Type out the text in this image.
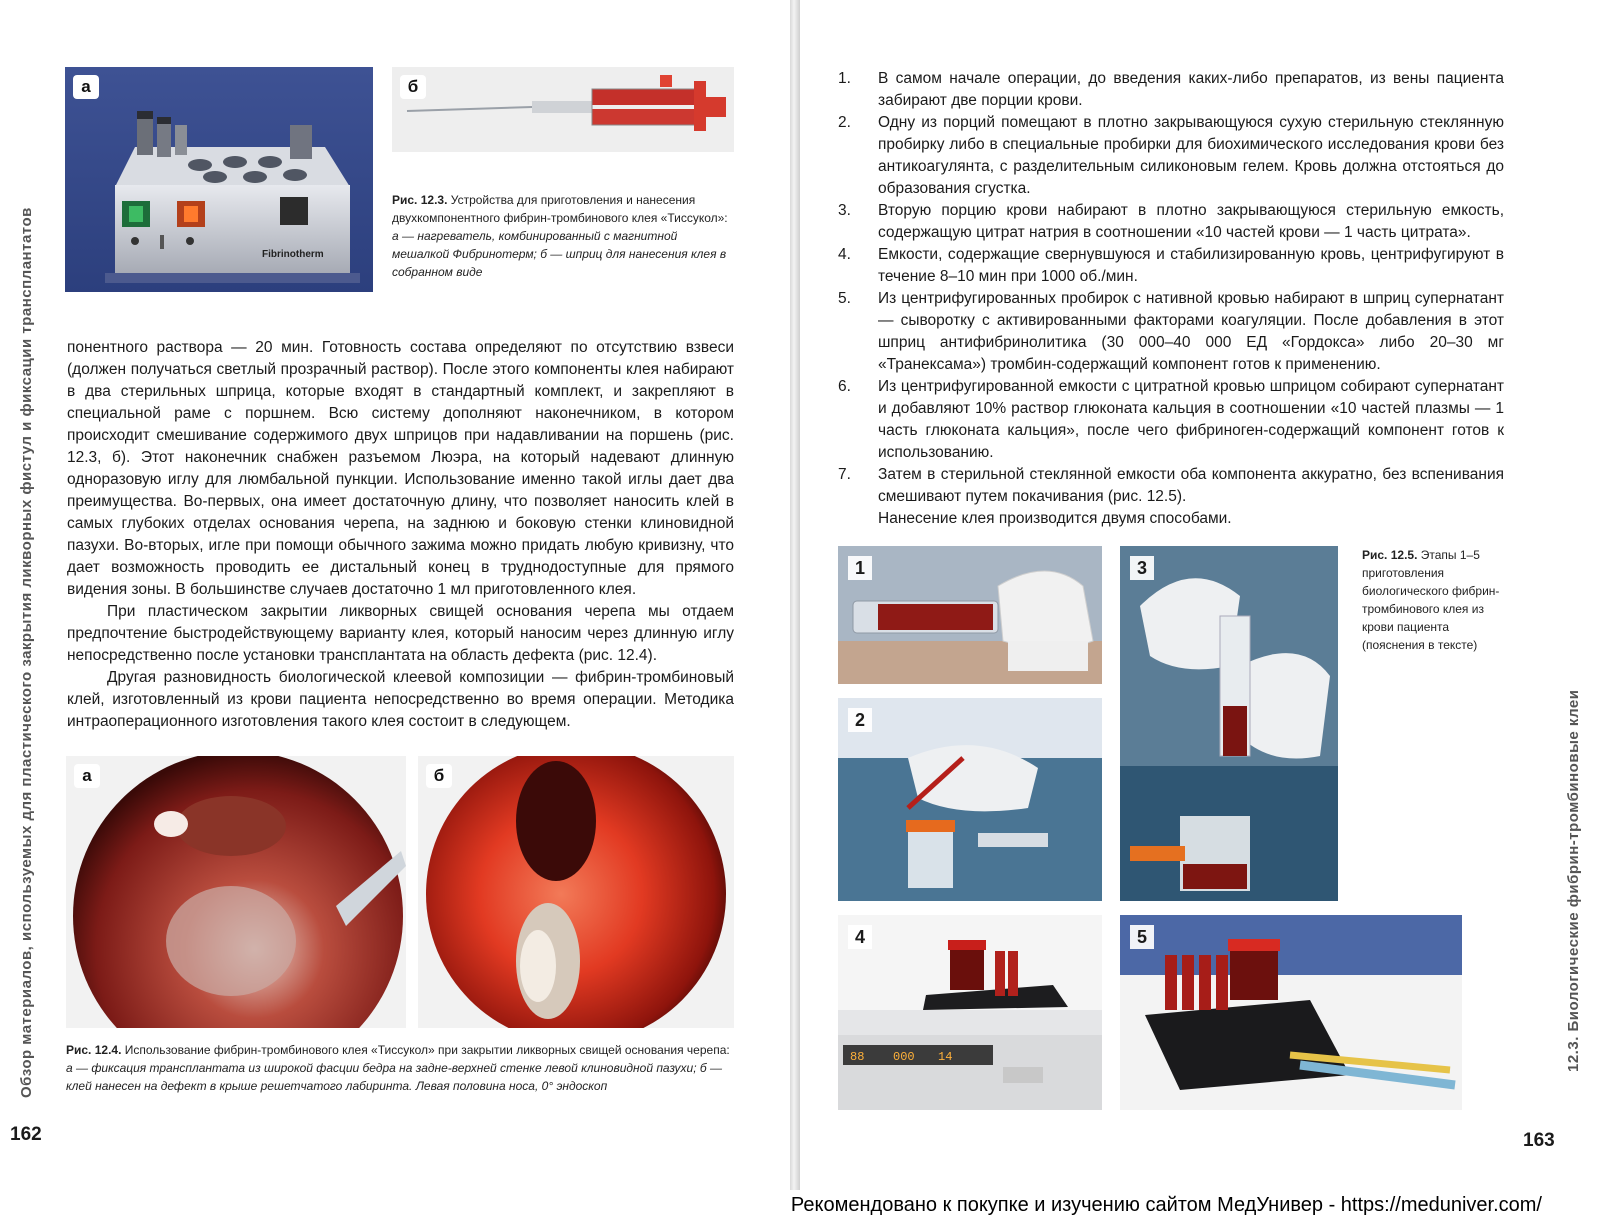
Обзор материалов, используемых для пластического закрытия ликворных фистул и фиксации трансплантатов	Fibrinotherm
а	б
Рис. 12.3. Устройства для приготовления и нанесения двухкомпонентного фибрин-тромбинового клея «Тиссукол»:
а — нагреватель, комбинированный с магнитной мешалкой Фибринотерм; б — шприц для нанесения клея в собранном виде

понентного раствора — 20 мин. Готовность состава определяют по отсутствию взвеси (должен получаться светлый прозрачный раствор). После этого компоненты клея набирают в два стерильных шприца, которые входят в стандартный комплект, и закрепляют в специальной раме с поршнем. Всю систему дополняют наконечником, в котором происходит смешивание содержимого двух шприцов при надавливании на поршень (рис. 12.3, б). Этот наконечник снабжен разъемом Люэра, на который надевают длинную одноразовую иглу для люмбальной пункции. Использование именно такой иглы дает два преимущества. Во-первых, она имеет достаточную длину, что позволяет наносить клей в самых глубоких отделах основания черепа, на заднюю и боковую стенки клиновидной пазухи. Во-вторых, игле при помощи обычного зажима можно придать любую кривизну, что дает возможность проводить ее дистальный конец в труднодоступные для прямого видения зоны. В большинстве случаев достаточно 1 мл приготовленного клея.

При пластическом закрытии ликворных свищей основания черепа мы отдаем предпочтение быстродействующему варианту клея, который наносим через длинную иглу непосредственно после установки трансплантата на область дефекта (рис. 12.4).

Другая разновидность биологической клеевой композиции — фибрин-тромбиновый клей, изготовленный из крови пациента непосредственно во время операции. Методика интраоперационного изготовления такого клея состоит в следующем.

а	б
Рис. 12.4. Использование фибрин-тромбинового клея «Тиссукол» при закрытии ликворных свищей основания черепа:
а — фиксация трансплантата из широкой фасции бедра на задне-верхней стенке левой клиновидной пазухи; б — клей нанесен на дефект в крыше решетчатого лабиринта. Левая половина носа, 0° эндоскоп
162
1. В самом начале операции, до введения каких-либо препаратов, из вены пациента забирают две порции крови.
2. Одну из порций помещают в плотно закрывающуюся сухую стерильную стеклянную пробирку либо в специальные пробирки для биохимического исследования крови без антикоагулянта, с разделительным силиконовым гелем. Кровь должна отстояться до образования сгустка.
3. Вторую порцию крови набирают в плотно закрывающуюся стерильную емкость, содержащую цитрат натрия в соотношении «10 частей крови — 1 часть цитрата».
4. Емкости, содержащие свернувшуюся и стабилизированную кровь, центрифугируют в течение 8–10 мин при 1000 об./мин.
5. Из центрифугированных пробирок с нативной кровью набирают в шприц супернатант — сыворотку с активированными факторами коагуляции. После добавления в этот шприц антифибринолитика (30 000–40 000 ЕД «Гордокса» либо 20–30 мг «Транексама») тромбин-содержащий компонент готов к применению.
6. Из центрифугированной емкости с цитратной кровью шприцом собирают супернатант и добавляют 10% раствор глюконата кальция в соотношении «10 частей плазмы — 1 часть глюконата кальция», после чего фибриноген-содержащий компонент готов к использованию.
7. Затем в стерильной стеклянной емкости оба компонента аккуратно, без вспенивания смешивают путем покачивания (рис. 12.5).
Нанесение клея производится двумя способами.
1
2
3
88 000 14
4	5
Рис. 12.5. Этапы 1–5 приготовления биологического фибрин-тромбинового клея из крови пациента (пояснения в тексте)
12.3. Биологические фибрин-тромбиновые клеи
163
Рекомендовано к покупке и изучению сайтом МедУнивер - https://meduniver.com/
